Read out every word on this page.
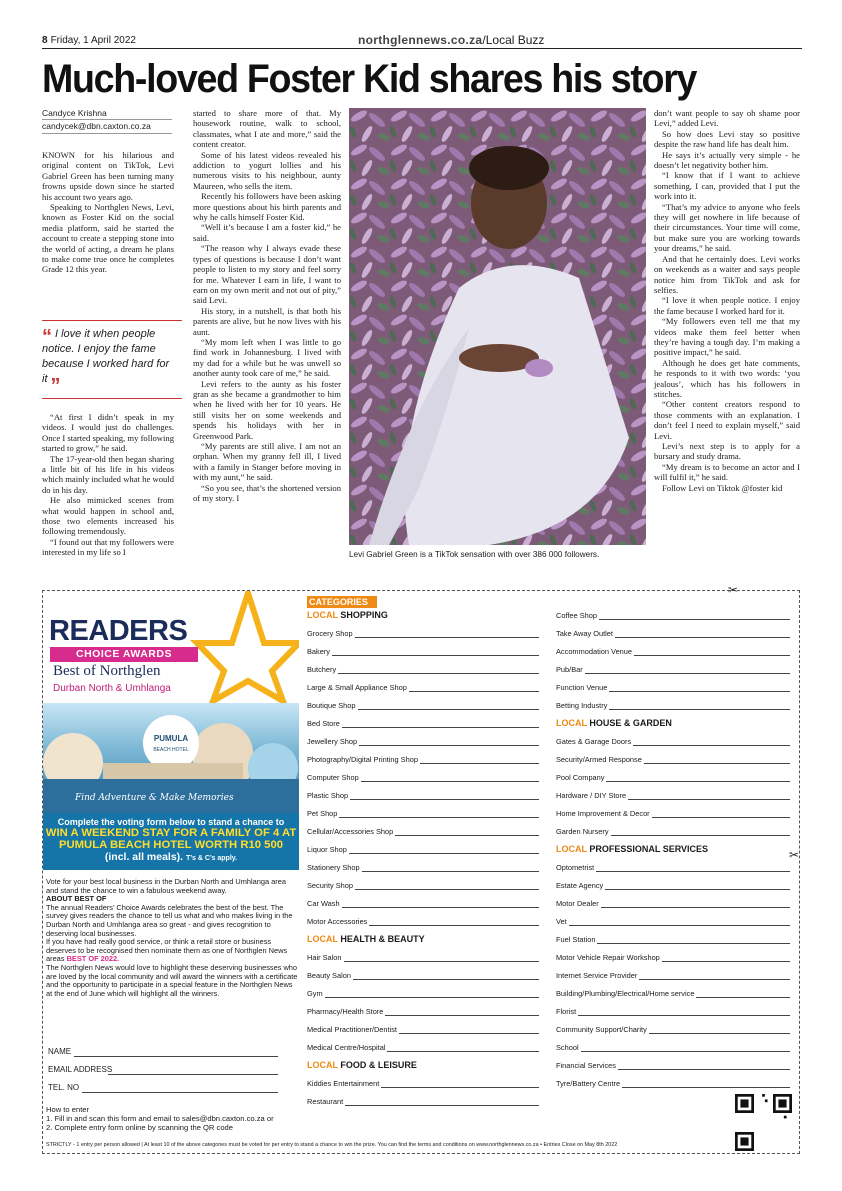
8 Friday, 1 April 2022	northglennews.co.za/Local Buzz
Much-loved Foster Kid shares his story
Candyce Krishna
candycek@dbn.caxton.co.za

KNOWN for his hilarious and original content on TikTok, Levi Gabriel Green has been turning many frowns upside down since he started his account two years ago.

Speaking to Northglen News, Levi, known as Foster Kid on the social media platform, said he started the account to create a stepping stone into the world of acting, a dream he plans to make come true once he completes Grade 12 this year.

“ I love it when people notice. I enjoy the fame because I worked hard for it ”

“At first I didn’t speak in my videos. I would just do challenges. Once I started speaking, my following started to grow,” he said.

The 17-year-old then began sharing a little bit of his life in his videos which mainly included what he would do in his day.

He also mimicked scenes from what would happen in school and, those two elements increased his following tremendously.

“I found out that my followers were interested in my life so I

started to share more of that. My housework routine, walk to school, classmates, what I ate and more,” said the content creator.

Some of his latest videos revealed his addiction to yogurt lollies and his numerous visits to his neighbour, aunty Maureen, who sells the item.

Recently his followers have been asking more questions about his birth parents and why he calls himself Foster Kid.

“Well it’s because I am a foster kid,” he said.

“The reason why I always evade these types of questions is because I don’t want people to listen to my story and feel sorry for me. Whatever I earn in life, I want to earn on my own merit and not out of pity,” said Levi.

His story, in a nutshell, is that both his parents are alive, but he now lives with his aunt.

“My mom left when I was little to go find work in Johannesburg. I lived with my dad for a while but he was unwell so another aunty took care of me,” he said.

Levi refers to the aunty as his foster gran as she became a grandmother to him when he lived with her for 10 years. He still visits her on some weekends and spends his holidays with her in Greenwood Park.

“My parents are still alive. I am not an orphan. When my granny fell ill, I lived with a family in Stanger before moving in with my aunt,” he said.

“So you see, that’s the shortened version of my story. I

Levi Gabriel Green is a TikTok sensation with over 386 000 followers.

don’t want people to say oh shame poor Levi,” added Levi.

So how does Levi stay so positive despite the raw hand life has dealt him.

He says it’s actually very simple - he doesn’t let negativity bother him.

“I know that if I want to achieve something, I can, provided that I put the work into it.

“That’s my advice to anyone who feels they will get nowhere in life because of their circumstances. Your time will come, but make sure you are working towards your dreams,” he said.

And that he certainly does. Levi works on weekends as a waiter and says people notice him from TikTok and ask for selfies.

“I love it when people notice. I enjoy the fame because I worked hard for it.

“My followers even tell me that my videos make them feel better when they’re having a tough day. I’m making a positive impact,” he said.

Although he does get hate comments, he responds to it with two words: ‘you jealous’, which has his followers in stitches.

“Other content creators respond to those comments with an explanation. I don’t feel I need to explain myself,” said Levi.

Levi’s next step is to apply for a bursary and study drama.

“My dream is to become an actor and I will fulfil it,” he said.

Follow Levi on Tiktok @foster kid

✂
✂
READERS
CHOICE AWARDS
Best of Northglen
Durban North & Umhlanga
PUMULA
BEACH HOTEL
Find Adventure & Make Memories
Complete the voting form below to stand a chance to
WIN A WEEKEND STAY FOR A FAMILY OF 4 AT
PUMULA BEACH HOTEL WORTH R10 500
(incl. all meals). T’s & C’s apply.
Vote for your best local business in the Durban North and Umhlanga area and stand the chance to win a fabulous weekend away.
ABOUT BEST OF
The annual Readers’ Choice Awards celebrates the best of the best. The survey gives readers the chance to tell us what and who makes living in the Durban North and Umhlanga area so great - and gives recognition to deserving local businesses.
If you have had really good service, or think a retail store or business deserves to be recognised then nominate them as one of Northglen News areas BEST OF 2022.
The Northglen News would love to highlight these deserving businesses who are loved by the local community and will award the winners with a certificate and the opportunity to participate in a special feature in the Northglen News at the end of June which will highlight all the winners.
NAME
EMAIL ADDRESS
TEL. NO
How to enter
1. Fill in and scan this form and email to sales@dbn.caxton.co.za or
2. Complete entry form online by scanning the QR code
STRICTLY - 1 entry per person allowed | At least 10 of the above categories must be voted for per entry to stand a chance to win the prize. You can find the terms and conditions on www.northglennews.co.za • Entries Close on May 8th 2022
CATEGORIES
LOCAL SHOPPING
Grocery Shop
Bakery
Butchery
Large & Small Appliance Shop
Boutique Shop
Bed Store
Jewellery Shop
Photography/Digital Printing Shop
Computer Shop
Plastic Shop
Pet Shop
Cellular/Accessories Shop
Liquor Shop
Stationery Shop
Security Shop
Car Wash
Motor Accessories
LOCAL HEALTH & BEAUTY
Hair Salon
Beauty Salon
Gym
Pharmacy/Health Store
Medical Practitioner/Dentist
Medical Centre/Hospital
LOCAL FOOD & LEISURE
Kiddies Entertainment
Restaurant
Coffee Shop
Take Away Outlet
Accommodation Venue
Pub/Bar
Function Venue
Betting Industry
LOCAL HOUSE & GARDEN
Gates & Garage Doors
Security/Armed Response
Pool Company
Hardware / DIY Store
Home Improvement & Decor
Garden Nursery
LOCAL PROFESSIONAL SERVICES
Optometrist
Estate Agency
Motor Dealer
Vet
Fuel Station
Motor Vehicle Repair Workshop
Internet Service Provider
Building/Plumbing/Electrical/Home service
Florist
Community Support/Charity
School
Financial Services
Tyre/Battery Centre
